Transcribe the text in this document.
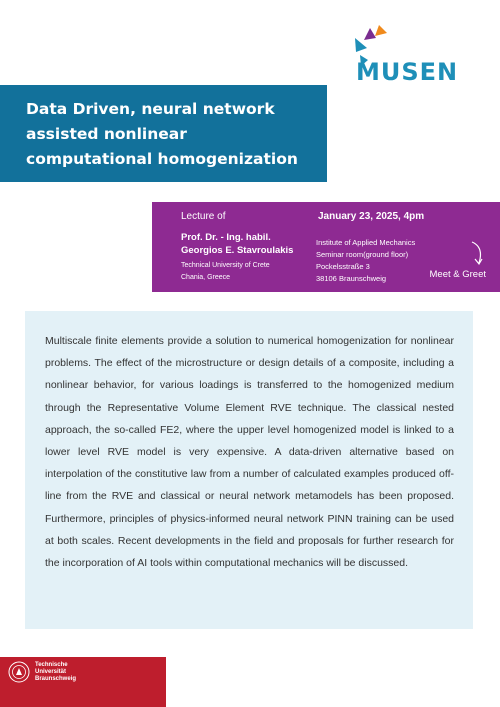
MUSEN
Data Driven, neural network assisted nonlinear computational homogenization
Lecture of
Prof. Dr. - Ing. habil.
Georgios E. Stavroulakis
Technical University of Crete
Chania, Greece
January 23, 2025, 4pm
Institute of Applied Mechanics
Seminar room(ground floor)
Pockelsstraße 3
38106 Braunschweig	Meet & Greet

Multiscale finite elements provide a solution to numerical homogenization for nonlinear problems. The effect of the microstructure or design details of a composite, including a nonlinear behavior, for various loadings is transferred to the homogenized medium through the Representative Volume Element RVE technique. The classical nested approach, the so-called FE2, where the upper level homogenized model is linked to a lower level RVE model is very expensive. A data-driven alternative based on interpolation of the constitutive law from a number of calculated examples produced off-line from the RVE and classical or neural network metamodels has been proposed. Furthermore, principles of physics-informed neural network PINN training can be used at both scales. Recent developments in the field and proposals for further research for the incorporation of AI tools within computational mechanics will be discussed.

Technische
Universität
Braunschweig
